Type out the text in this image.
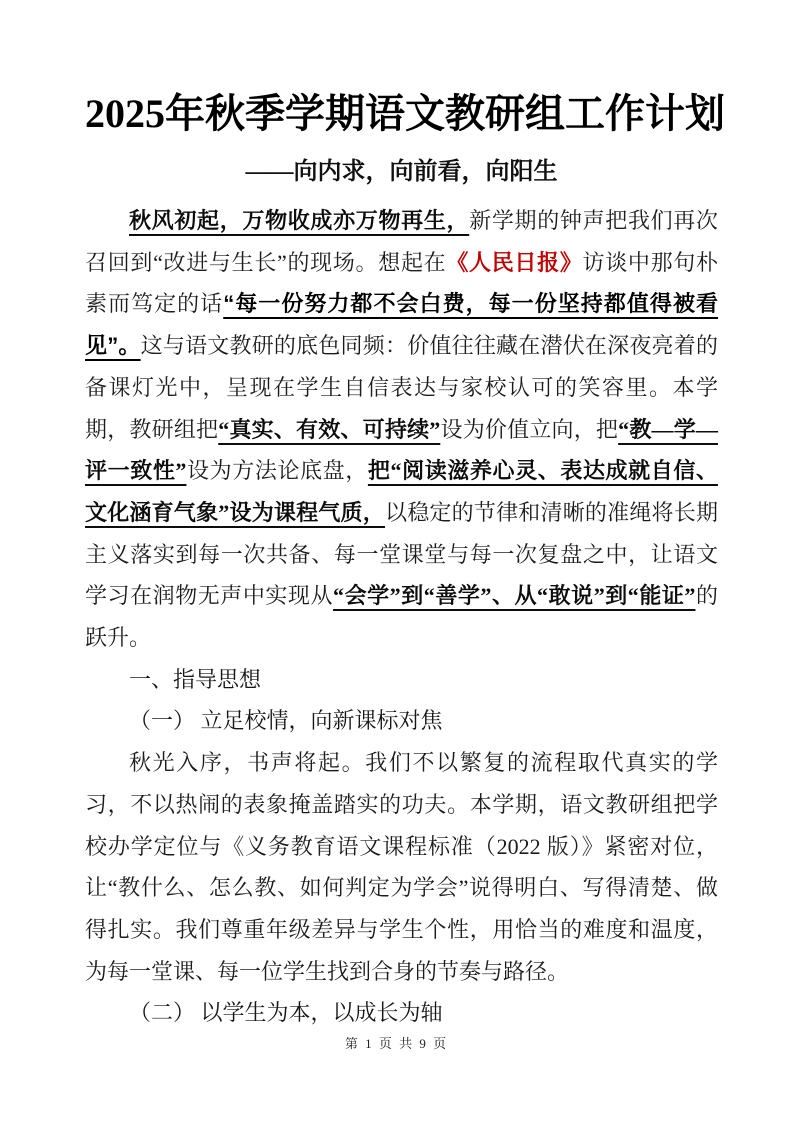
2025年秋季学期语文教研组工作计划
——向内求，向前看，向阳生

秋风初起，万物收成亦万物再生，新学期的钟声把我们再次召回到“改进与生长”的现场。想起在《人民日报》访谈中那句朴素而笃定的话“每一份努力都不会白费，每一份坚持都值得被看见”。这与语文教研的底色同频：价值往往藏在潜伏在深夜亮着的备课灯光中，呈现在学生自信表达与家校认可的笑容里。本学期，教研组把“真实、有效、可持续”设为价值立向，把“教—学—评一致性”设为方法论底盘，把“阅读滋养心灵、表达成就自信、文化涵育气象”设为课程气质，以稳定的节律和清晰的准绳将长期主义落实到每一次共备、每一堂课堂与每一次复盘之中，让语文学习在润物无声中实现从“会学”到“善学”、从“敢说”到“能证”的跃升。

一、指导思想

（一） 立足校情，向新课标对焦

秋光入序，书声将起。我们不以繁复的流程取代真实的学习，不以热闹的表象掩盖踏实的功夫。本学期，语文教研组把学校办学定位与《义务教育语文课程标准（2022 版）》紧密对位，让“教什么、怎么教、如何判定为学会”说得明白、写得清楚、做得扎实。我们尊重年级差异与学生个性，用恰当的难度和温度，为每一堂课、每一位学生找到合身的节奏与路径。

（二） 以学生为本，以成长为轴

第 1 页 共 9 页
